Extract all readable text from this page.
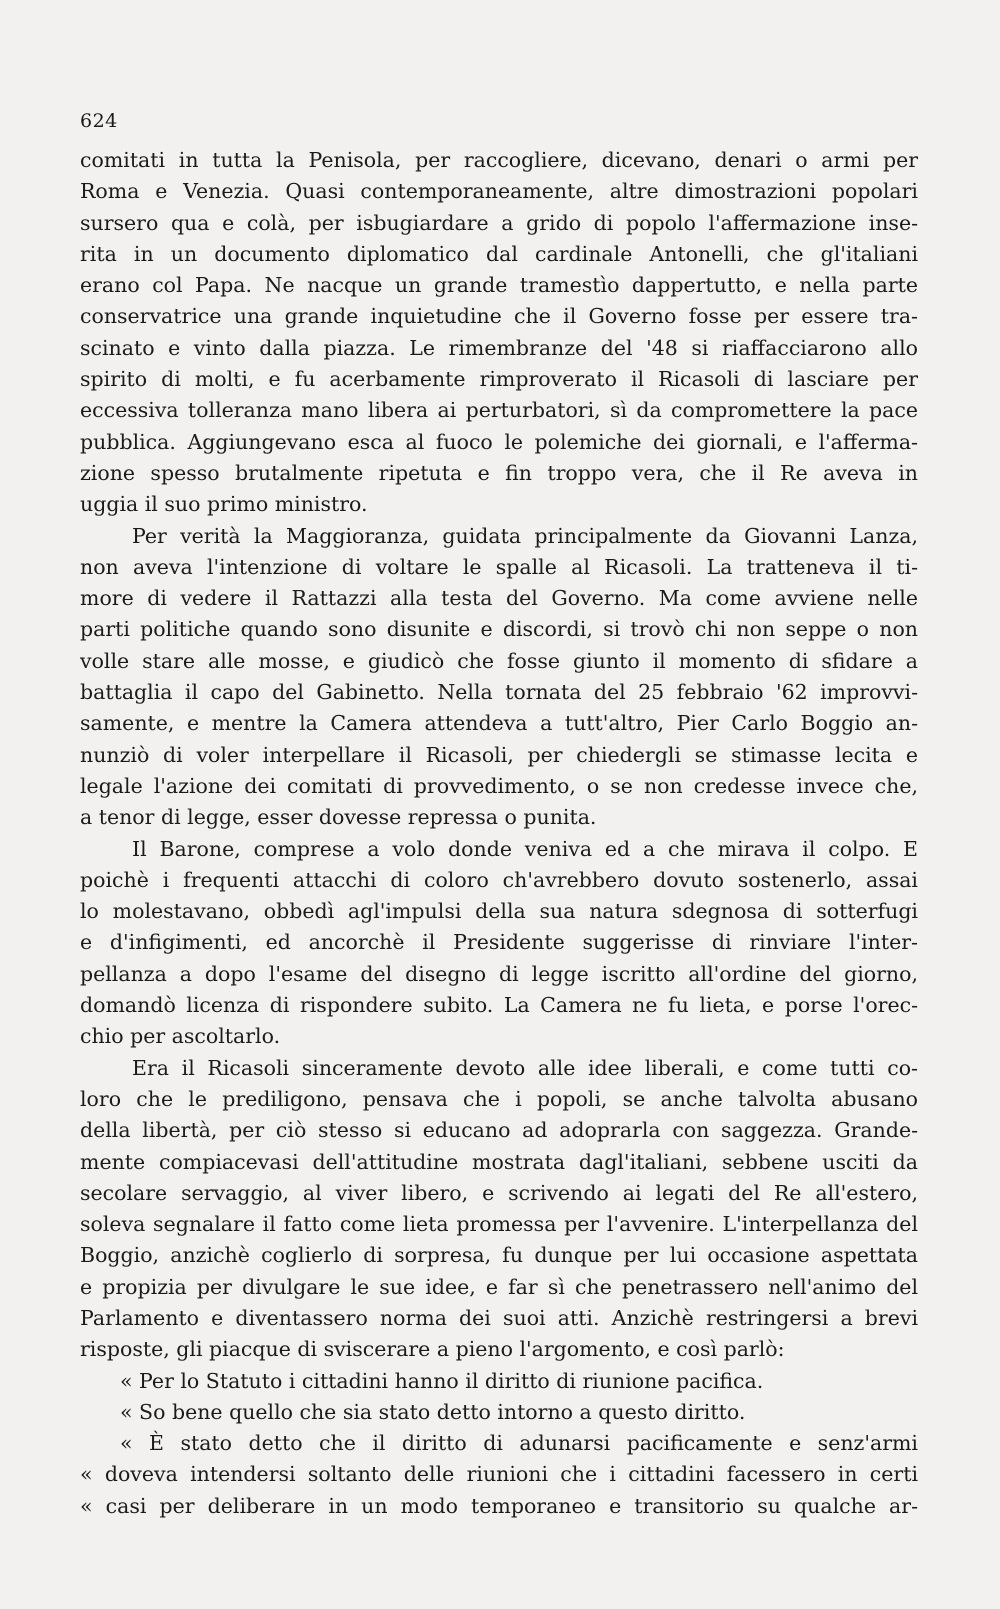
624
comitati in tutta la Penisola, per raccogliere, dicevano, denari o armi per
Roma e Venezia. Quasi contemporaneamente, altre dimostrazioni popolari
sursero qua e colà, per isbugiardare a grido di popolo l'affermazione inse-
rita in un documento diplomatico dal cardinale Antonelli, che gl'italiani
erano col Papa. Ne nacque un grande tramestìo dappertutto, e nella parte
conservatrice una grande inquietudine che il Governo fosse per essere tra-
scinato e vinto dalla piazza. Le rimembranze del '48 si riaffacciarono allo
spirito di molti, e fu acerbamente rimproverato il Ricasoli di lasciare per
eccessiva tolleranza mano libera ai perturbatori, sì da compromettere la pace
pubblica. Aggiungevano esca al fuoco le polemiche dei giornali, e l'afferma-
zione spesso brutalmente ripetuta e fin troppo vera, che il Re aveva in
uggia il suo primo ministro.
Per verità la Maggioranza, guidata principalmente da Giovanni Lanza,
non aveva l'intenzione di voltare le spalle al Ricasoli. La tratteneva il ti-
more di vedere il Rattazzi alla testa del Governo. Ma come avviene nelle
parti politiche quando sono disunite e discordi, si trovò chi non seppe o non
volle stare alle mosse, e giudicò che fosse giunto il momento di sfidare a
battaglia il capo del Gabinetto. Nella tornata del 25 febbraio '62 improvvi-
samente, e mentre la Camera attendeva a tutt'altro, Pier Carlo Boggio an-
nunziò di voler interpellare il Ricasoli, per chiedergli se stimasse lecita e
legale l'azione dei comitati di provvedimento, o se non credesse invece che,
a tenor di legge, esser dovesse repressa o punita.
Il Barone, comprese a volo donde veniva ed a che mirava il colpo. E
poichè i frequenti attacchi di coloro ch'avrebbero dovuto sostenerlo, assai
lo molestavano, obbedì agl'impulsi della sua natura sdegnosa di sotterfugi
e d'infigimenti, ed ancorchè il Presidente suggerisse di rinviare l'inter-
pellanza a dopo l'esame del disegno di legge iscritto all'ordine del giorno,
domandò licenza di rispondere subito. La Camera ne fu lieta, e porse l'orec-
chio per ascoltarlo.
Era il Ricasoli sinceramente devoto alle idee liberali, e come tutti co-
loro che le prediligono, pensava che i popoli, se anche talvolta abusano
della libertà, per ciò stesso si educano ad adoprarla con saggezza. Grande-
mente compiacevasi dell'attitudine mostrata dagl'italiani, sebbene usciti da
secolare servaggio, al viver libero, e scrivendo ai legati del Re all'estero,
soleva segnalare il fatto come lieta promessa per l'avvenire. L'interpellanza del
Boggio, anzichè coglierlo di sorpresa, fu dunque per lui occasione aspettata
e propizia per divulgare le sue idee, e far sì che penetrassero nell'animo del
Parlamento e diventassero norma dei suoi atti. Anzichè restringersi a brevi
risposte, gli piacque di sviscerare a pieno l'argomento, e così parlò:
« Per lo Statuto i cittadini hanno il diritto di riunione pacifica.
« So bene quello che sia stato detto intorno a questo diritto.
« È stato detto che il diritto di adunarsi pacificamente e senz'armi
« doveva intendersi soltanto delle riunioni che i cittadini facessero in certi
« casi per deliberare in un modo temporaneo e transitorio su qualche ar-
